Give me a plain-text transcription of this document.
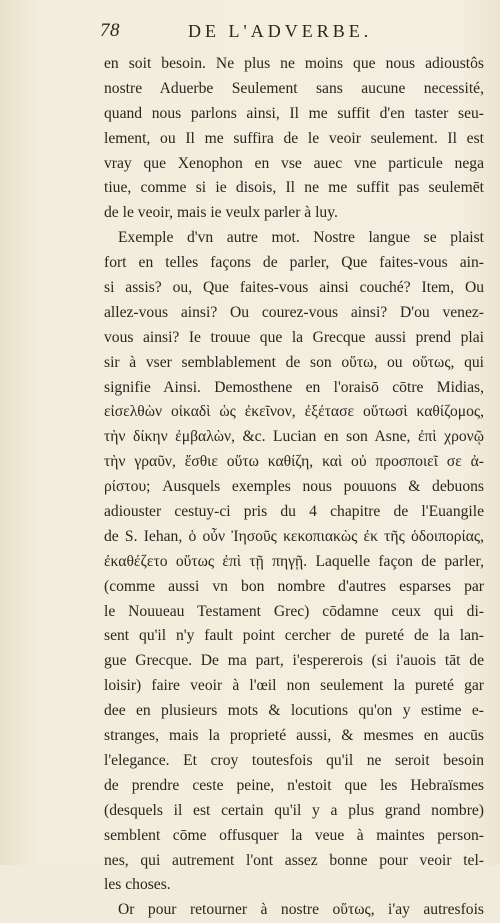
78	DE L'ADVERBE.
en soit besoin. Ne plus ne moins que nous adioustôs
nostre Aduerbe Seulement sans aucune necessité,
quand nous parlons ainsi, Il me suffit d'en taster seu-
lement, ou Il me suffira de le veoir seulement. Il est
vray que Xenophon en vse auec vne particule nega
tiue, comme si ie disois, Il ne me suffit pas seulemēt
de le veoir, mais ie veulx parler à luy.
Exemple d'vn autre mot. Nostre langue se plaist
fort en telles façons de parler, Que faites-vous ain-
si assis? ou, Que faites-vous ainsi couché? Item, Ou
allez-vous ainsi? Ou courez-vous ainsi? D'ou venez-
vous ainsi? Ie trouue que la Grecque aussi prend plai
sir à vser semblablement de son οὕτω, ou οὕτως, qui
signifie Ainsi. Demosthene en l'oraisō cōtre Midias,
εἰσελθὼν οἰκαδὶ ὡς ἐκεῖνον, ἐξέτασε οὕτωσὶ καθίζομος,
τὴν δίκην ἐμβαλὼν, &c. Lucian en son Asne, ἐπὶ χρονῷ
τὴν γραῦν, ἔσθιε οὕτω καθίζη, καὶ οὐ προσποιεῖ σε ἀ-
ρίστου; Ausquels exemples nous pouuons & debuons
adiouster cestuy-ci pris du 4 chapitre de l'Euangile
de S. Iehan, ὁ οὖν Ἰησοῦς κεκοπιακὼς ἐκ τῆς ὁδοιπορίας,
ἐκαθέζετο οὕτως ἐπὶ τῇ πηγῇ. Laquelle façon de parler,
(comme aussi vn bon nombre d'autres esparses par
le Nouueau Testament Grec) cōdamne ceux qui di-
sent qu'il n'y fault point cercher de pureté de la lan-
gue Grecque. De ma part, i'espererois (si i'auois tāt de
loisir) faire veoir à l'œil non seulement la pureté gar
dee en plusieurs mots & locutions qu'on y estime e-
stranges, mais la proprieté aussi, & mesmes en aucūs
l'elegance. Et croy toutesfois qu'il ne seroit besoin
de prendre ceste peine, n'estoit que les Hebraïsmes
(desquels il est certain qu'il y a plus grand nombre)
semblent cōme offusquer la veue à maintes person-
nes, qui autrement l'ont assez bonne pour veoir tel-
les choses.
Or pour retourner à nostre οὕτως, i'ay autresfois
